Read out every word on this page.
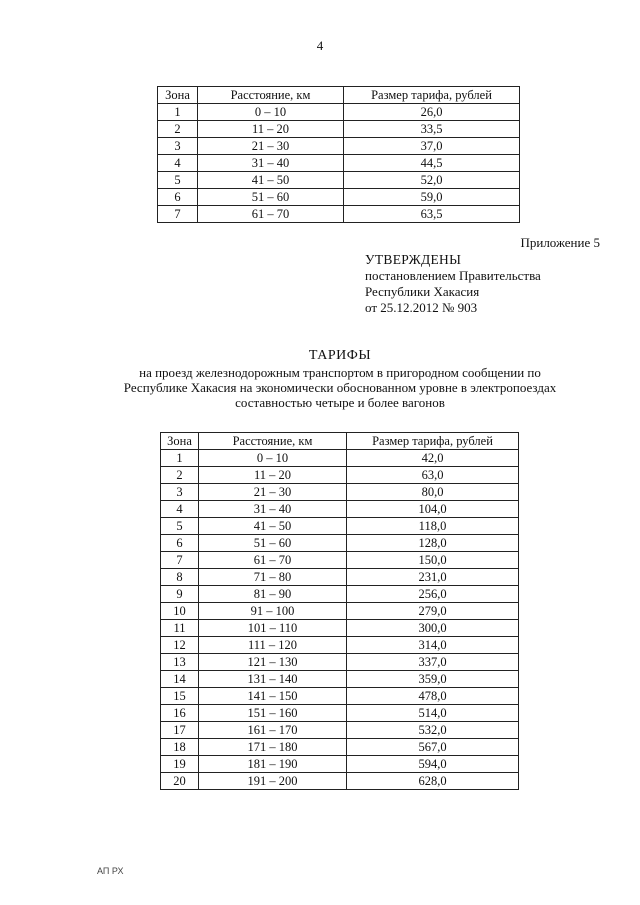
4
Зона	Расстояние, км	Размер тарифа, рублей
1	0 – 10	26,0
2	11 – 20	33,5
3	21 – 30	37,0
4	31 – 40	44,5
5	41 – 50	52,0
6	51 – 60	59,0
7	61 – 70	63,5
Приложение 5
УТВЕРЖДЕНЫ
постановлением Правительства
Республики Хакасия
от 25.12.2012 № 903
ТАРИФЫ
на проезд железнодорожным транспортом в пригородном сообщении по
Республике Хакасия на экономически обоснованном уровне в электропоездах
составностью четыре и более вагонов
Зона	Расстояние, км	Размер тарифа, рублей
1	0 – 10	42,0
2	11 – 20	63,0
3	21 – 30	80,0
4	31 – 40	104,0
5	41 – 50	118,0
6	51 – 60	128,0
7	61 – 70	150,0
8	71 – 80	231,0
9	81 – 90	256,0
10	91 – 100	279,0
11	101 – 110	300,0
12	111 – 120	314,0
13	121 – 130	337,0
14	131 – 140	359,0
15	141 – 150	478,0
16	151 – 160	514,0
17	161 – 170	532,0
18	171 – 180	567,0
19	181 – 190	594,0
20	191 – 200	628,0
АП РХ
